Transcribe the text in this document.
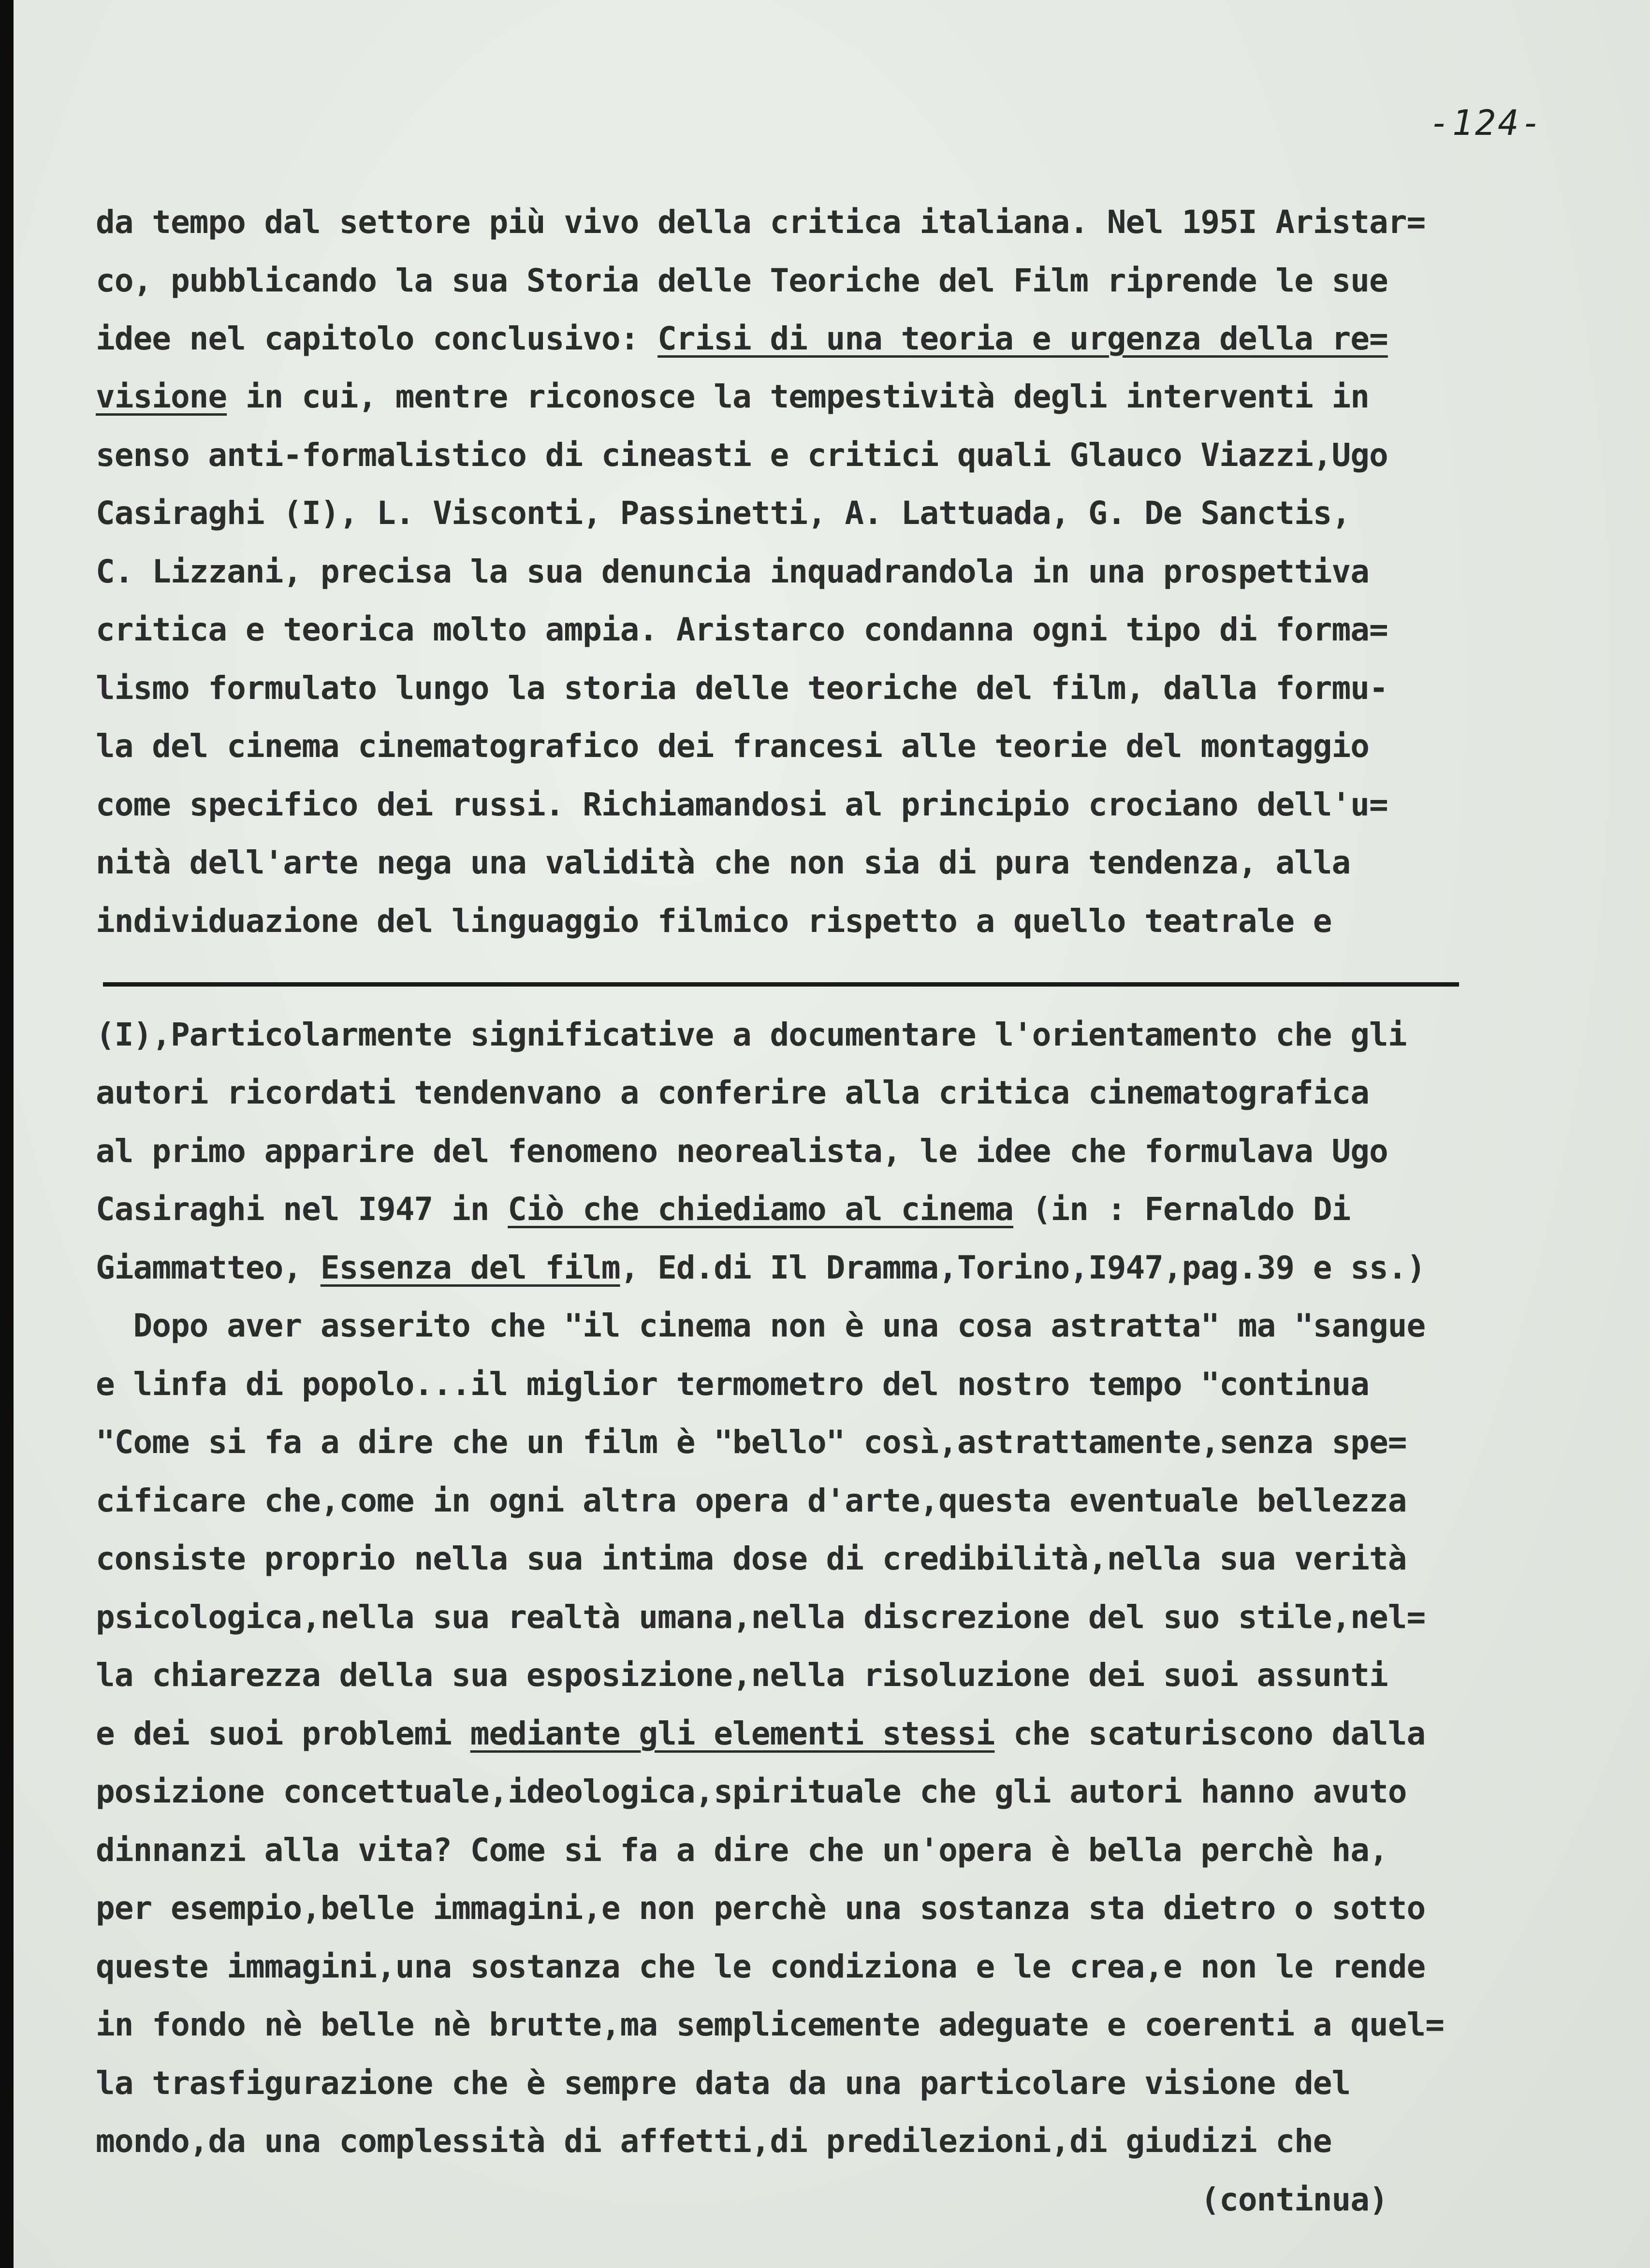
-124-
da tempo dal settore più vivo della critica italiana. Nel 195I Aristar=
co, pubblicando la sua Storia delle Teoriche del Film riprende le sue
idee nel capitolo conclusivo: Crisi di una teoria e urgenza della re=
visione in cui, mentre riconosce la tempestività degli interventi in
senso anti-formalistico di cineasti e critici quali Glauco Viazzi,Ugo
Casiraghi (I), L. Visconti, Passinetti, A. Lattuada, G. De Sanctis,
C. Lizzani, precisa la sua denuncia inquadrandola in una prospettiva
critica e teorica molto ampia. Aristarco condanna ogni tipo di forma=
lismo formulato lungo la storia delle teoriche del film, dalla formu-
la del cinema cinematografico dei francesi alle teorie del montaggio
come specifico dei russi. Richiamandosi al principio crociano dell'u=
nità dell'arte nega una validità che non sia di pura tendenza, alla
individuazione del linguaggio filmico rispetto a quello teatrale e
(I),Particolarmente significative a documentare l'orientamento che gli
autori ricordati tendenvano a conferire alla critica cinematografica
al primo apparire del fenomeno neorealista, le idee che formulava Ugo
Casiraghi nel I947 in Ciò che chiediamo al cinema (in : Fernaldo Di
Giammatteo, Essenza del film, Ed.di Il Dramma,Torino,I947,pag.39 e ss.)
Dopo aver asserito che "il cinema non è una cosa astratta" ma "sangue
e linfa di popolo...il miglior termometro del nostro tempo "continua
"Come si fa a dire che un film è "bello" così,astrattamente,senza spe=
cificare che,come in ogni altra opera d'arte,questa eventuale bellezza
consiste proprio nella sua intima dose di credibilità,nella sua verità
psicologica,nella sua realtà umana,nella discrezione del suo stile,nel=
la chiarezza della sua esposizione,nella risoluzione dei suoi assunti
e dei suoi problemi mediante gli elementi stessi che scaturiscono dalla
posizione concettuale,ideologica,spirituale che gli autori hanno avuto
dinnanzi alla vita? Come si fa a dire che un'opera è bella perchè ha,
per esempio,belle immagini,e non perchè una sostanza sta dietro o sotto
queste immagini,una sostanza che le condiziona e le crea,e non le rende
in fondo nè belle nè brutte,ma semplicemente adeguate e coerenti a quel=
la trasfigurazione che è sempre data da una particolare visione del
mondo,da una complessità di affetti,di predilezioni,di giudizi che
(continua)
